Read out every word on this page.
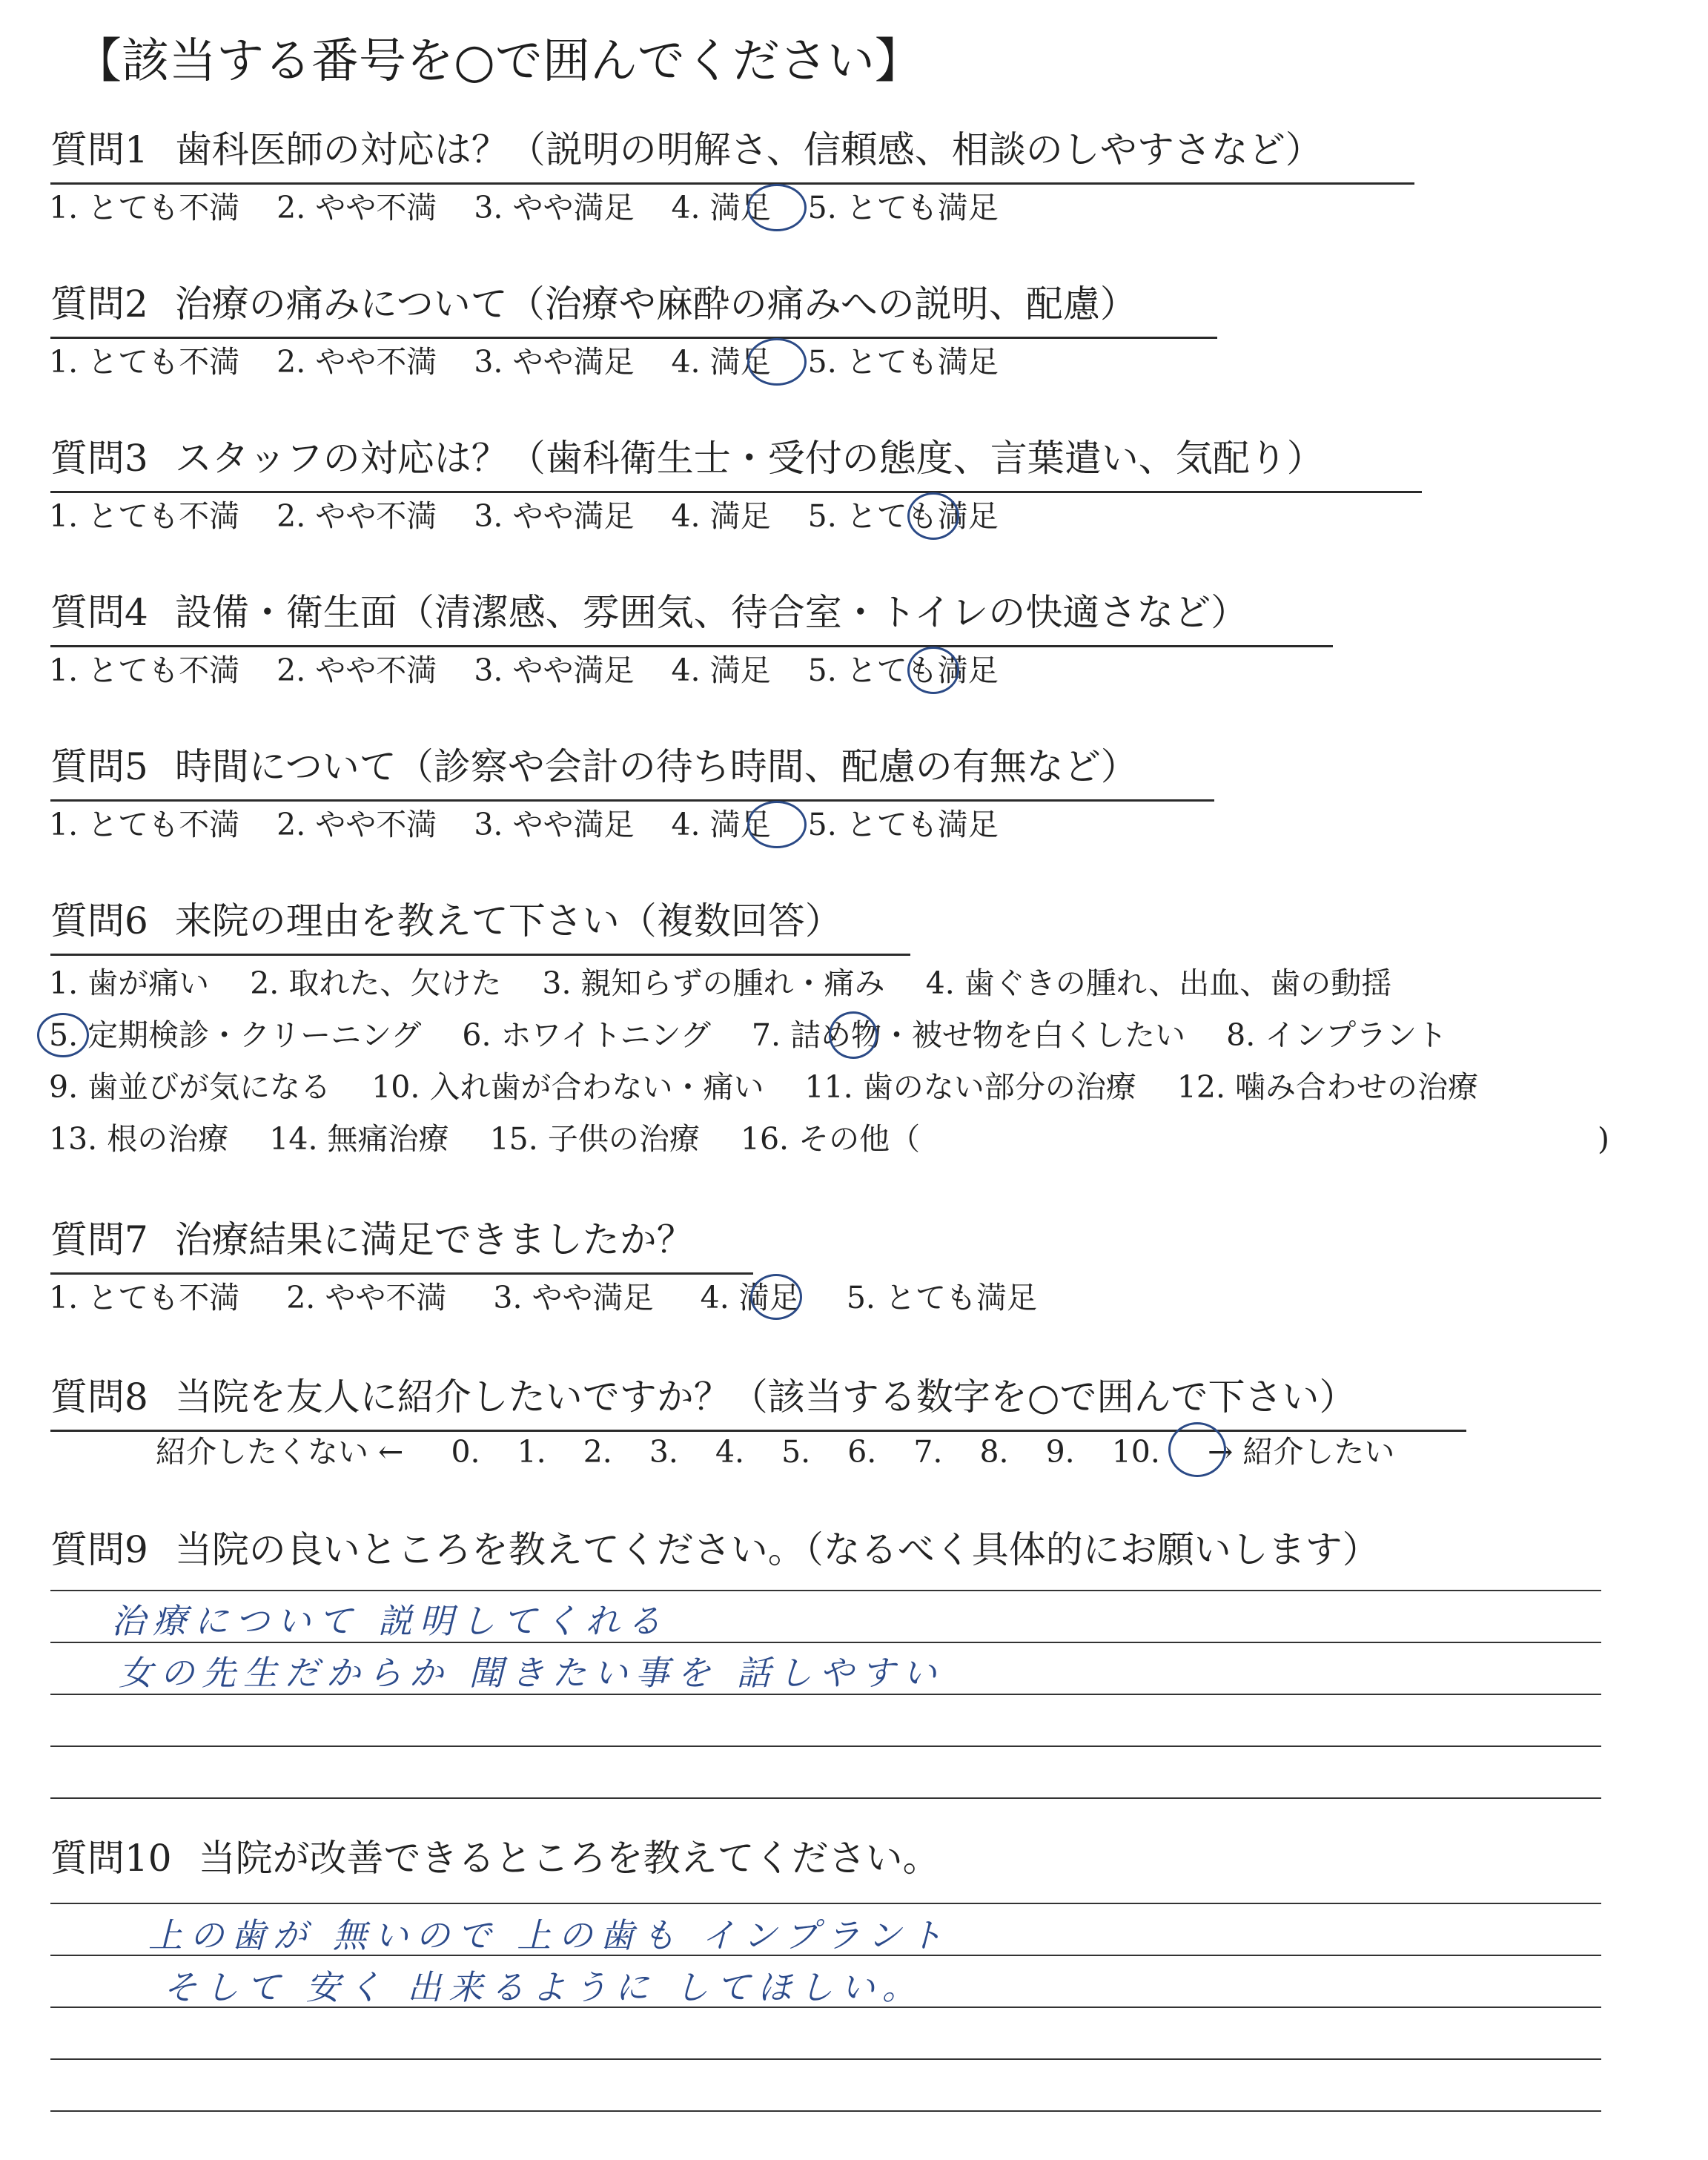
【該当する番号を○で囲んでください】
質問1 歯科医師の対応は？（説明の明解さ、信頼感、相談のしやすさなど）
1. とても不満 2. やや不満 3. やや満足 4. 満足 5. とても満足
質問2 治療の痛みについて（治療や麻酔の痛みへの説明、配慮）
1. とても不満 2. やや不満 3. やや満足 4. 満足 5. とても満足
質問3 スタッフの対応は？（歯科衛生士・受付の態度、言葉遣い、気配り）
1. とても不満 2. やや不満 3. やや満足 4. 満足 5. とても満足
質問4 設備・衛生面（清潔感、雰囲気、待合室・トイレの快適さなど）
1. とても不満 2. やや不満 3. やや満足 4. 満足 5. とても満足
質問5 時間について（診察や会計の待ち時間、配慮の有無など）
1. とても不満 2. やや不満 3. やや満足 4. 満足 5. とても満足
質問6 来院の理由を教えて下さい（複数回答）
1. 歯が痛い 2. 取れた、欠けた 3. 親知らずの腫れ・痛み 4. 歯ぐきの腫れ、出血、歯の動揺
5. 定期検診・クリーニング 6. ホワイトニング 7. 詰め物・被せ物を白くしたい 8. インプラント
9. 歯並びが気になる 10. 入れ歯が合わない・痛い 11. 歯のない部分の治療 12. 噛み合わせの治療
13. 根の治療 14. 無痛治療 15. 子供の治療 16. その他（	)
質問7 治療結果に満足できましたか？
1. とても不満 2. やや不満 3. やや満足 4. 満足 5. とても満足
質問8 当院を友人に紹介したいですか？（該当する数字を○で囲んで下さい）
紹介したくない ← 0. 1. 2. 3. 4. 5. 6. 7. 8. 9. 10. → 紹介したい
質問9 当院の良いところを教えてください。（なるべく具体的にお願いします）
治療について 説明してくれる
女の先生だからか 聞きたい事を 話しやすい
質問10 当院が改善できるところを教えてください。
上の歯が 無いので 上の歯も インプラント
そして 安く 出来るように してほしい。
